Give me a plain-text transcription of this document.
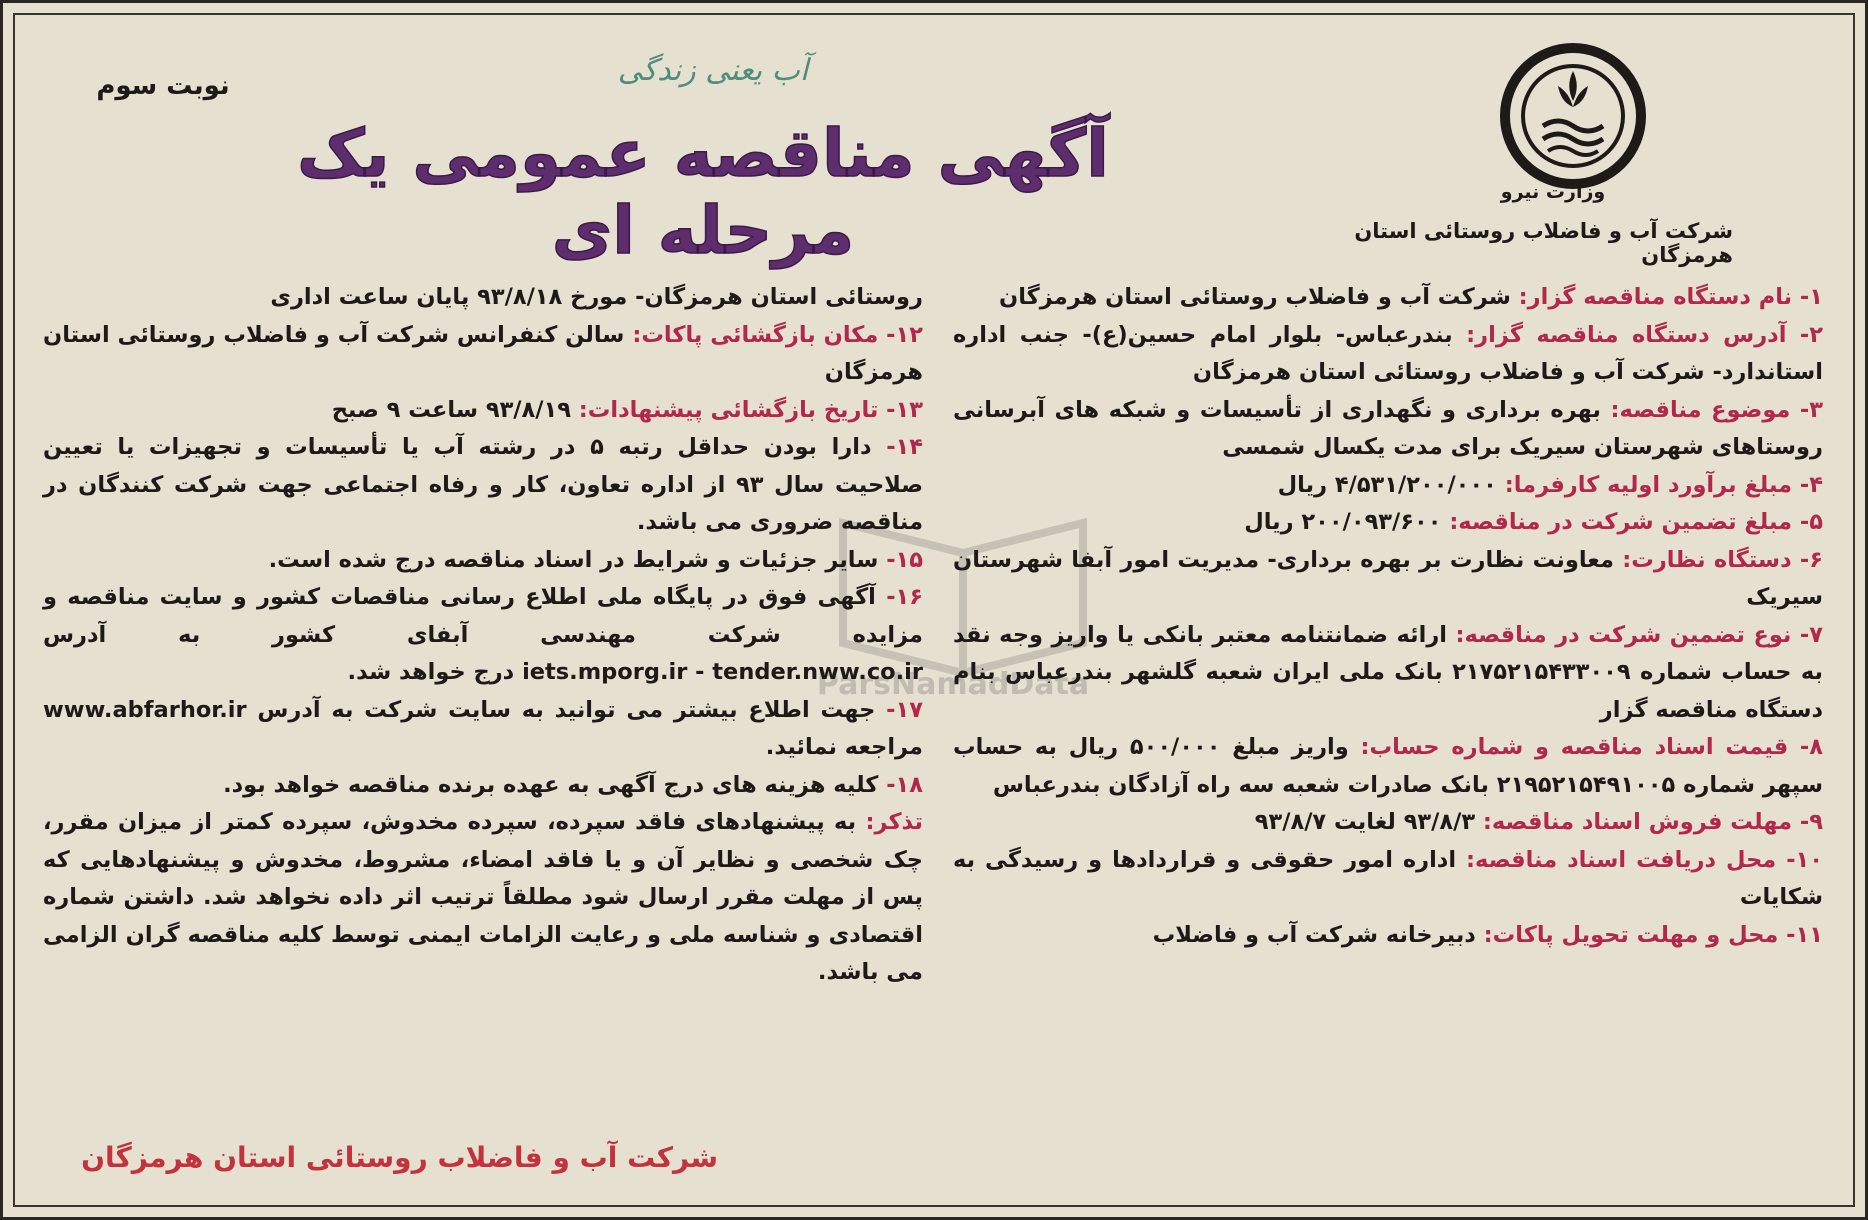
وزارت نیرو
شرکت آب و فاضلاب روستائی استان هرمزگان
آب یعنی زندگی
نوبت سوم
آگهی مناقصه عمومی یک مرحله ای
ParsNamadData

۱- نام دستگاه مناقصه گزار: شرکت آب و فاضلاب روستائی استان هرمزگان

۲- آدرس دستگاه مناقصه گزار: بندرعباس- بلوار امام حسین(ع)- جنب اداره استاندارد- شرکت آب و فاضلاب روستائی استان هرمزگان

۳- موضوع مناقصه: بهره برداری و نگهداری از تأسیسات و شبکه های آبرسانی روستاهای شهرستان سیریک برای مدت یکسال شمسی

۴- مبلغ برآورد اولیه کارفرما: ۴/۵۳۱/۲۰۰/۰۰۰ ریال

۵- مبلغ تضمین شرکت در مناقصه: ۲۰۰/۰۹۳/۶۰۰ ریال

۶- دستگاه نظارت: معاونت نظارت بر بهره برداری- مدیریت امور آبفا شهرستان سیریک

۷- نوع تضمین شرکت در مناقصه: ارائه ضمانتنامه معتبر بانکی یا واریز وجه نقد به حساب شماره ۲۱۷۵۲۱۵۴۳۳۰۰۹ بانک ملی ایران شعبه گلشهر بندرعباس بنام دستگاه مناقصه گزار

۸- قیمت اسناد مناقصه و شماره حساب: واریز مبلغ ۵۰۰/۰۰۰ ریال به حساب سپهر شماره ۲۱۹۵۲۱۵۴۹۱۰۰۵ بانک صادرات شعبه سه راه آزادگان بندرعباس

۹- مهلت فروش اسناد مناقصه: ۹۳/۸/۳ لغایت ۹۳/۸/۷

۱۰- محل دریافت اسناد مناقصه: اداره امور حقوقی و قراردادها و رسیدگی به شکایات

۱۱- محل و مهلت تحویل پاکات: دبیرخانه شرکت آب و فاضلاب

روستائی استان هرمزگان- مورخ ۹۳/۸/۱۸ پایان ساعت اداری

۱۲- مکان بازگشائی پاکات: سالن کنفرانس شرکت آب و فاضلاب روستائی استان هرمزگان

۱۳- تاریخ بازگشائی پیشنهادات: ۹۳/۸/۱۹ ساعت ۹ صبح

۱۴- دارا بودن حداقل رتبه ۵ در رشته آب یا تأسیسات و تجهیزات یا تعیین صلاحیت سال ۹۳ از اداره تعاون، کار و رفاه اجتماعی جهت شرکت کنندگان در مناقصه ضروری می باشد.

۱۵- سایر جزئیات و شرایط در اسناد مناقصه درج شده است.

۱۶- آگهی فوق در پایگاه ملی اطلاع رسانی مناقصات کشور و سایت مناقصه و مزایده شرکت مهندسی آبفای کشور به آدرس iets.mporg.ir - tender.nww.co.ir درج خواهد شد.

۱۷- جهت اطلاع بیشتر می توانید به سایت شرکت به آدرس www.abfarhor.ir مراجعه نمائید.

۱۸- کلیه هزینه های درج آگهی به عهده برنده مناقصه خواهد بود.

تذکر: به پیشنهادهای فاقد سپرده، سپرده مخدوش، سپرده کمتر از میزان مقرر، چک شخصی و نظایر آن و یا فاقد امضاء، مشروط، مخدوش و پیشنهادهایی که پس از مهلت مقرر ارسال شود مطلقاً ترتیب اثر داده نخواهد شد. داشتن شماره اقتصادی و شناسه ملی و رعایت الزامات ایمنی توسط کلیه مناقصه گران الزامی می باشد.

شرکت آب و فاضلاب روستائی استان هرمزگان
